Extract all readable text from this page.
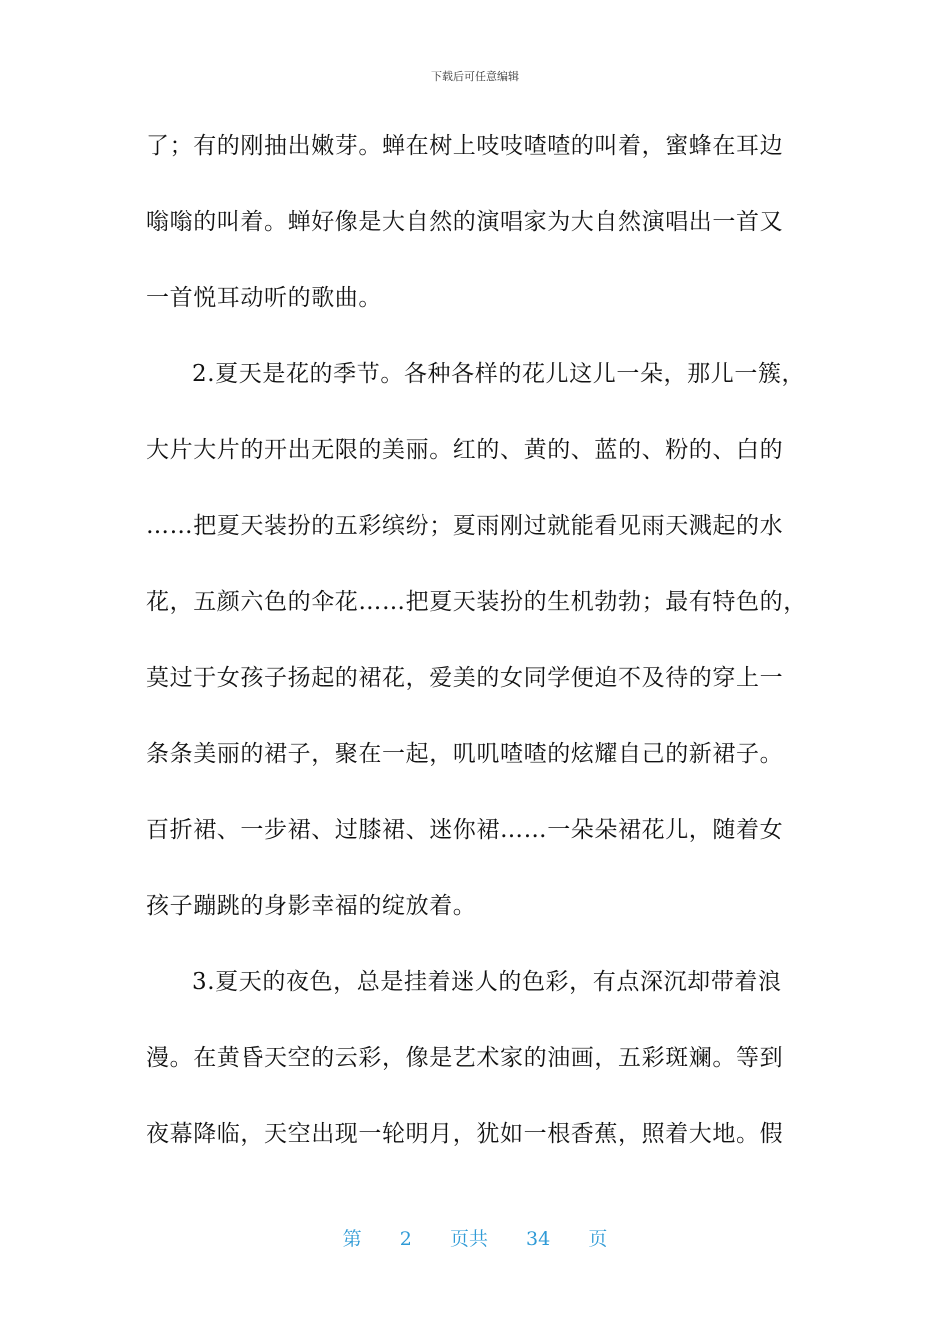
下载后可任意编辑
了；有的刚抽出嫩芽。蝉在树上吱吱喳喳的叫着，蜜蜂在耳边
嗡嗡的叫着。蝉好像是大自然的演唱家为大自然演唱出一首又
一首悦耳动听的歌曲。
2.夏天是花的季节。各种各样的花儿这儿一朵，那儿一簇，
大片大片的开出无限的美丽。红的、黄的、蓝的、粉的、白的
……把夏天装扮的五彩缤纷；夏雨刚过就能看见雨天溅起的水
花，五颜六色的伞花……把夏天装扮的生机勃勃；最有特色的，
莫过于女孩子扬起的裙花，爱美的女同学便迫不及待的穿上一
条条美丽的裙子，聚在一起，叽叽喳喳的炫耀自己的新裙子。
百折裙、一步裙、过膝裙、迷你裙……一朵朵裙花儿，随着女
孩子蹦跳的身影幸福的绽放着。
3.夏天的夜色，总是挂着迷人的色彩，有点深沉却带着浪
漫。在黄昏天空的云彩，像是艺术家的油画，五彩斑斓。等到
夜幕降临，天空出现一轮明月，犹如一根香蕉，照着大地。假
第 2 页共 34 页
